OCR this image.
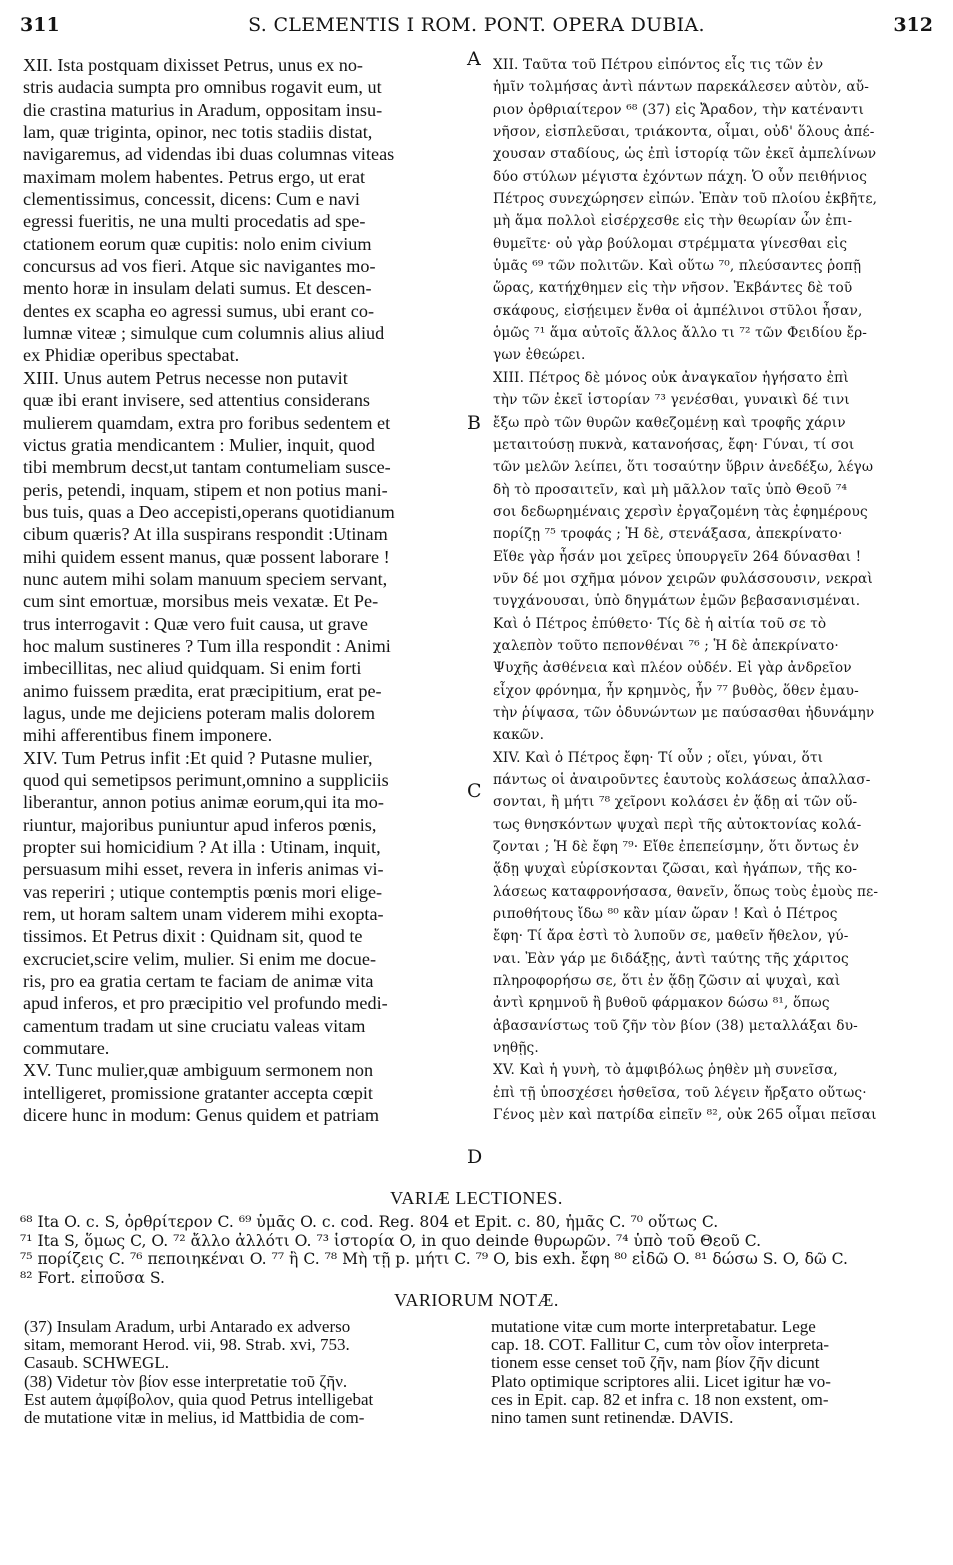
311	S. CLEMENTIS I ROM. PONT. OPERA DUBIA.	312
XII. Ista postquam dixisset Petrus, unus ex no-
stris audacia sumpta pro omnibus rogavit eum, ut
die crastina maturius in Aradum, oppositam insu-
lam, quæ triginta, opinor, nec totis stadiis distat,
navigaremus, ad videndas ibi duas columnas viteas
maximam molem habentes. Petrus ergo, ut erat
clementissimus, concessit, dicens: Cum e navi
egressi fueritis, ne una multi procedatis ad spe-
ctationem eorum quæ cupitis: nolo enim civium
concursus ad vos fieri. Atque sic navigantes mo-
mento horæ in insulam delati sumus. Et descen-
dentes ex scapha eo agressi sumus, ubi erant co-
lumnæ viteæ ; simulque cum columnis alius aliud
ex Phidiæ operibus spectabat.
XIII. Unus autem Petrus necesse non putavit
quæ ibi erant invisere, sed attentius considerans
mulierem quamdam, extra pro foribus sedentem et
victus gratia mendicantem : Mulier, inquit, quod
tibi membrum decst,ut tantam contumeliam susce-
peris, petendi, inquam, stipem et non potius mani-
bus tuis, quas a Deo accepisti,operans quotidianum
cibum quæris? At illa suspirans respondit :Utinam
mihi quidem essent manus, quæ possent laborare !
nunc autem mihi solam manuum speciem servant,
cum sint emortuæ, morsibus meis vexatæ. Et Pe-
trus interrogavit : Quæ vero fuit causa, ut grave
hoc malum sustineres ? Tum illa respondit : Animi
imbecillitas, nec aliud quidquam. Si enim forti
animo fuissem prædita, erat præcipitium, erat pe-
lagus, unde me dejiciens poteram malis dolorem
mihi afferentibus finem imponere.
XIV. Tum Petrus infit :Et quid ? Putasne mulier,
quod qui semetipsos perimunt,omnino a suppliciis
liberantur, annon potius animæ eorum,qui ita mo-
riuntur, majoribus puniuntur apud inferos pœnis,
propter sui homicidium ? At illa : Utinam, inquit,
persuasum mihi esset, revera in inferis animas vi-
vas reperiri ; utique contemptis pœnis mori elige-
rem, ut horam saltem unam viderem mihi exopta-
tissimos. Et Petrus dixit : Quidnam sit, quod te
excruciet,scire velim, mulier. Si enim me docue-
ris, pro ea gratia certam te faciam de animæ vita
apud inferos, et pro præcipitio vel profundo medi-
camentum tradam ut sine cruciatu valeas vitam
commutare.
XV. Tunc mulier,quæ ambiguum sermonem non
intelligeret, promissione gratanter accepta cœpit
dicere hunc in modum: Genus quidem et patriam
XII. Ταῦτα τοῦ Πέτρου εἰπόντος εἷς τις τῶν ἐν
ἡμῖν τολμήσας ἀντὶ πάντων παρεκάλεσεν αὐτὸν, αὔ-
ριον ὀρθριαίτερον ⁶⁸ (37) εἰς Ἄραδον, τὴν κατέναντι
νῆσον, εἰσπλεῦσαι, τριάκοντα, οἶμαι, οὐδ' ὅλους ἀπέ-
χουσαν σταδίους, ὡς ἐπὶ ἱστορίᾳ τῶν ἐκεῖ ἀμπελίνων
δύο στύλων μέγιστα ἐχόντων πάχη. Ὁ οὖν πειθήνιος
Πέτρος συνεχώρησεν εἰπών. Ἐπὰν τοῦ πλοίου ἐκβῆτε,
μὴ ἅμα πολλοὶ εἰσέρχεσθε εἰς τὴν θεωρίαν ὧν ἐπι-
θυμεῖτε· οὐ γὰρ βούλομαι στρέμματα γίνεσθαι εἰς
ὑμᾶς ⁶⁹ τῶν πολιτῶν. Καὶ οὕτω ⁷⁰, πλεύσαντες ῥοπῇ
ὥρας, κατήχθημεν εἰς τὴν νῆσον. Ἐκβάντες δὲ τοῦ
σκάφους, εἰσῄειμεν ἔνθα οἱ ἀμπέλινοι στῦλοι ἦσαν,
ὁμῶς ⁷¹ ἅμα αὐτοῖς ἄλλος ἄλλο τι ⁷² τῶν Φειδίου ἔρ-
γων ἐθεώρει.
XIII. Πέτρος δὲ μόνος οὐκ ἀναγκαῖον ἡγήσατο ἐπὶ
τὴν τῶν ἐκεῖ ἱστορίαν ⁷³ γενέσθαι, γυναικὶ δέ τινι
ἔξω πρὸ τῶν θυρῶν καθεζομένῃ καὶ τροφῆς χάριν
μεταιτούσῃ πυκνὰ, κατανοήσας, ἔφη· Γύναι, τί σοι
τῶν μελῶν λείπει, ὅτι τοσαύτην ὕβριν ἀνεδέξω, λέγω
δὴ τὸ προσαιτεῖν, καὶ μὴ μᾶλλον ταῖς ὑπὸ Θεοῦ ⁷⁴
σοι δεδωρημέναις χερσὶν ἐργαζομένη τὰς ἐφημέρους
πορίζῃ ⁷⁵ τροφάς ; Ἡ δὲ, στενάξασα, ἀπεκρίνατο·
Εἴθε γὰρ ἦσάν μοι χεῖρες ὑπουργεῖν 264 δύνασθαι !
νῦν δέ μοι σχῆμα μόνον χειρῶν φυλάσσουσιν, νεκραὶ
τυγχάνουσαι, ὑπὸ δηγμάτων ἐμῶν βεβασανισμέναι.
Καὶ ὁ Πέτρος ἐπύθετο· Τίς δὲ ἡ αἰτία τοῦ σε τὸ
χαλεπὸν τοῦτο πεπονθέναι ⁷⁶ ; Ἡ δὲ ἀπεκρίνατο·
Ψυχῆς ἀσθένεια καὶ πλέον οὐδέν. Εἰ γὰρ ἀνδρεῖον
εἶχον φρόνημα, ἦν κρημνὸς, ἦν ⁷⁷ βυθὸς, ὅθεν ἐμαυ-
τὴν ῥίψασα, τῶν ὀδυνώντων με παύσασθαι ἠδυνάμην
κακῶν.
XIV. Καὶ ὁ Πέτρος ἔφη· Τί οὖν ; οἴει, γύναι, ὅτι
πάντως οἱ ἀναιροῦντες ἑαυτοὺς κολάσεως ἀπαλλασ-
σονται, ἢ μήτι ⁷⁸ χεῖρονι κολάσει ἐν ᾅδῃ αἱ τῶν οὕ-
τως θνησκόντων ψυχαὶ περὶ τῆς αὐτοκτονίας κολά-
ζονται ; Ἡ δὲ ἔφη ⁷⁹· Εἴθε ἐπεπείσμην, ὅτι ὄντως ἐν
ᾅδῃ ψυχαὶ εὑρίσκονται ζῶσαι, καὶ ἠγάπων, τῆς κο-
λάσεως καταφρονήσασα, θανεῖν, ὅπως τοὺς ἐμοὺς πε-
ριποθήτους ἴδω ⁸⁰ κἂν μίαν ὥραν ! Καὶ ὁ Πέτρος
ἔφη· Τί ἄρα ἐστὶ τὸ λυποῦν σε, μαθεῖν ἤθελον, γύ-
ναι. Ἐὰν γάρ με διδάξῃς, ἀντὶ ταύτης τῆς χάριτος
πληροφορήσω σε, ὅτι ἐν ᾅδῃ ζῶσιν αἱ ψυχαὶ, καὶ
ἀντὶ κρημνοῦ ἢ βυθοῦ φάρμακον δώσω ⁸¹, ὅπως
ἀβασανίστως τοῦ ζῆν τὸν βίον (38) μεταλλάξαι δυ-
νηθῇς.
XV. Καὶ ἡ γυνὴ, τὸ ἀμφιβόλως ῥηθὲν μὴ συνεῖσα,
ἐπὶ τῇ ὑποσχέσει ἡσθεῖσα, τοῦ λέγειν ἤρξατο οὕτως·
Γένος μὲν καὶ πατρίδα εἰπεῖν ⁸², οὐκ 265 οἶμαι πεῖσαι
A
B
C
D
VARIÆ LECTIONES.
⁶⁸ Ita O. c. S, ὀρθρίτερον C. ⁶⁹ ὑμᾶς O. c. cod. Reg. 804 et Epit. c. 80, ἡμᾶς C. ⁷⁰ οὕτως C.
⁷¹ Ita S, ὅμως C, O. ⁷² ἄλλο ἀλλότι O. ⁷³ ἱστορία O, in quo deinde θυρωρῶν. ⁷⁴ ὑπὸ τοῦ Θεοῦ C.
⁷⁵ πορίζεις C. ⁷⁶ πεποιηκέναι O. ⁷⁷ ἢ C. ⁷⁸ Μὴ τῇ p. μήτι C. ⁷⁹ O, bis exh. ἔφη ⁸⁰ εἰδῶ O. ⁸¹ δώσω S. O, δῶ C.
⁸² Fort. εἰποῦσα S.
VARIORUM NOTÆ.
(37) Insulam Aradum, urbi Antarado ex adverso
sitam, memorant Herod. vii, 98. Strab. xvi, 753.
Casaub. SCHWEGL.
(38) Videtur τὸν βίον esse interpretatie τοῦ ζῆν.
Est autem ἀμφίβολον, quia quod Petrus intelligebat
de mutatione vitæ in melius, id Mattbidia de com-
mutatione vitæ cum morte interpretabatur. Lege
cap. 18. COT. Fallitur C, cum τὸν οἷον interpreta-
tionem esse censet τοῦ ζῆν, nam βίον ζῆν dicunt
Plato optimique scriptores alii. Licet igitur hæ vo-
ces in Epit. cap. 82 et infra c. 18 non exstent, om-
nino tamen sunt retinendæ. DAVIS.
